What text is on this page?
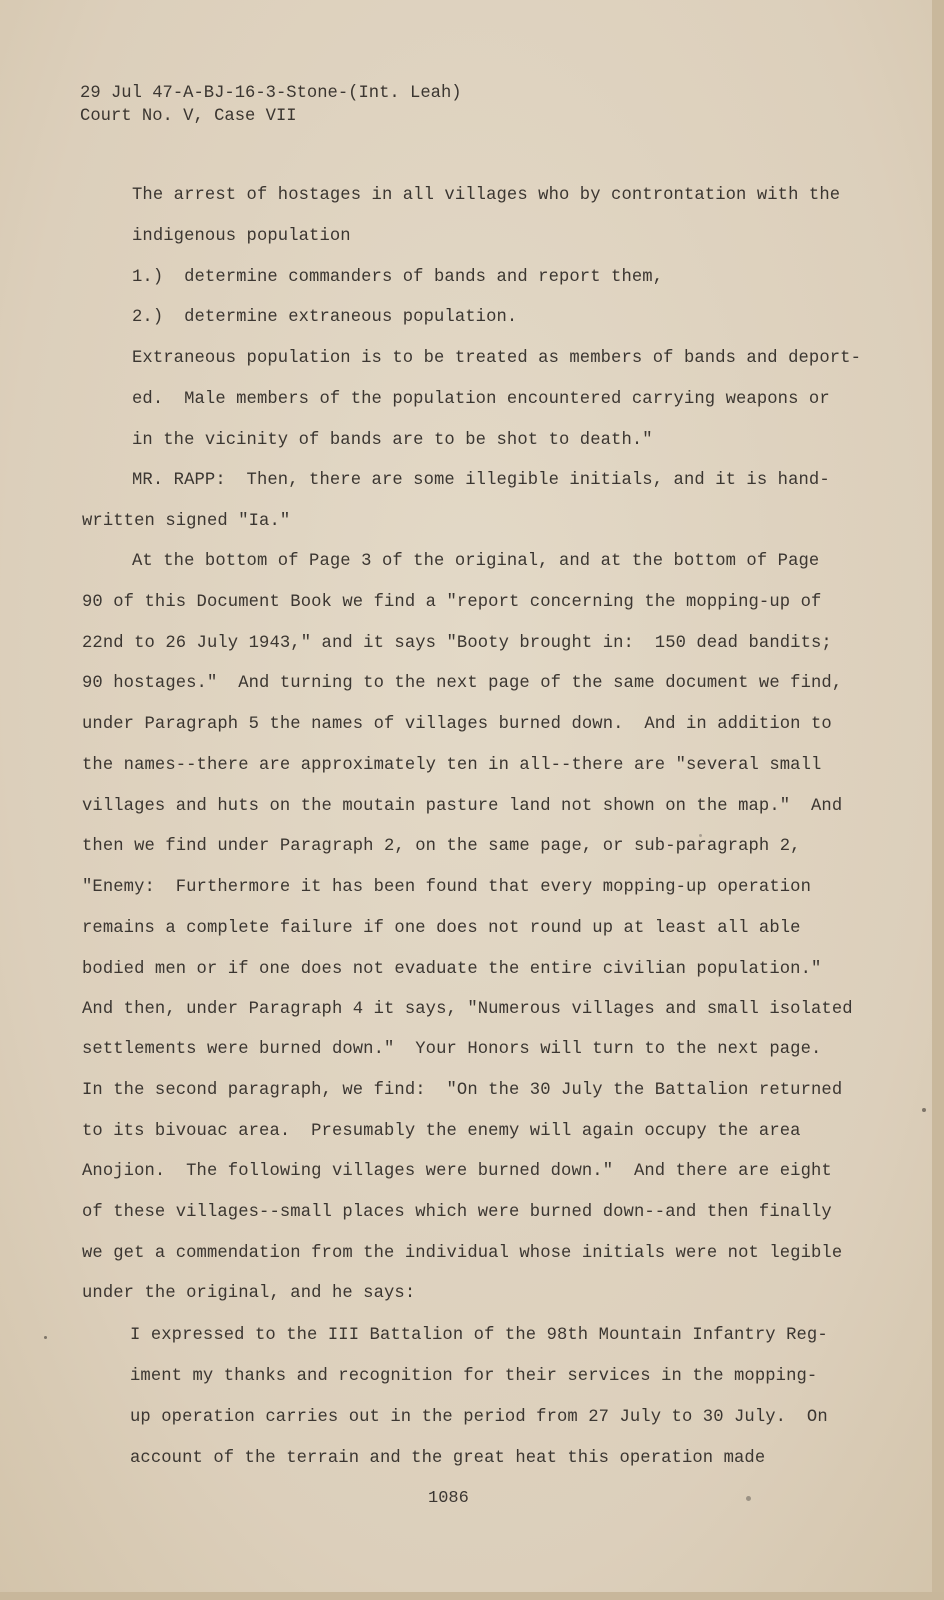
29 Jul 47-A-BJ-16-3-Stone-(Int. Leah)
Court No. V, Case VII
The arrest of hostages in all villages who by controntation with the
indigenous population
1.)  determine commanders of bands and report them,
2.)  determine extraneous population.
Extraneous population is to be treated as members of bands and deport-
ed.  Male members of the population encountered carrying weapons or
in the vicinity of bands are to be shot to death."
MR. RAPP:  Then, there are some illegible initials, and it is hand-
written signed "Ia."
At the bottom of Page 3 of the original, and at the bottom of Page
90 of this Document Book we find a "report concerning the mopping-up of
22nd to 26 July 1943," and it says "Booty brought in:  150 dead bandits;
90 hostages."  And turning to the next page of the same document we find,
under Paragraph 5 the names of villages burned down.  And in addition to
the names--there are approximately ten in all--there are "several small
villages and huts on the moutain pasture land not shown on the map."  And
then we find under Paragraph 2, on the same page, or sub-paragraph 2,
"Enemy:  Furthermore it has been found that every mopping-up operation
remains a complete failure if one does not round up at least all able
bodied men or if one does not evaduate the entire civilian population."
And then, under Paragraph 4 it says, "Numerous villages and small isolated
settlements were burned down."  Your Honors will turn to the next page.
In the second paragraph, we find:  "On the 30 July the Battalion returned
to its bivouac area.  Presumably the enemy will again occupy the area
Anojion.  The following villages were burned down."  And there are eight
of these villages--small places which were burned down--and then finally
we get a commendation from the individual whose initials were not legible
under the original, and he says:
I expressed to the III Battalion of the 98th Mountain Infantry Reg-
iment my thanks and recognition for their services in the mopping-
up operation carries out in the period from 27 July to 30 July.  On
account of the terrain and the great heat this operation made
1086
